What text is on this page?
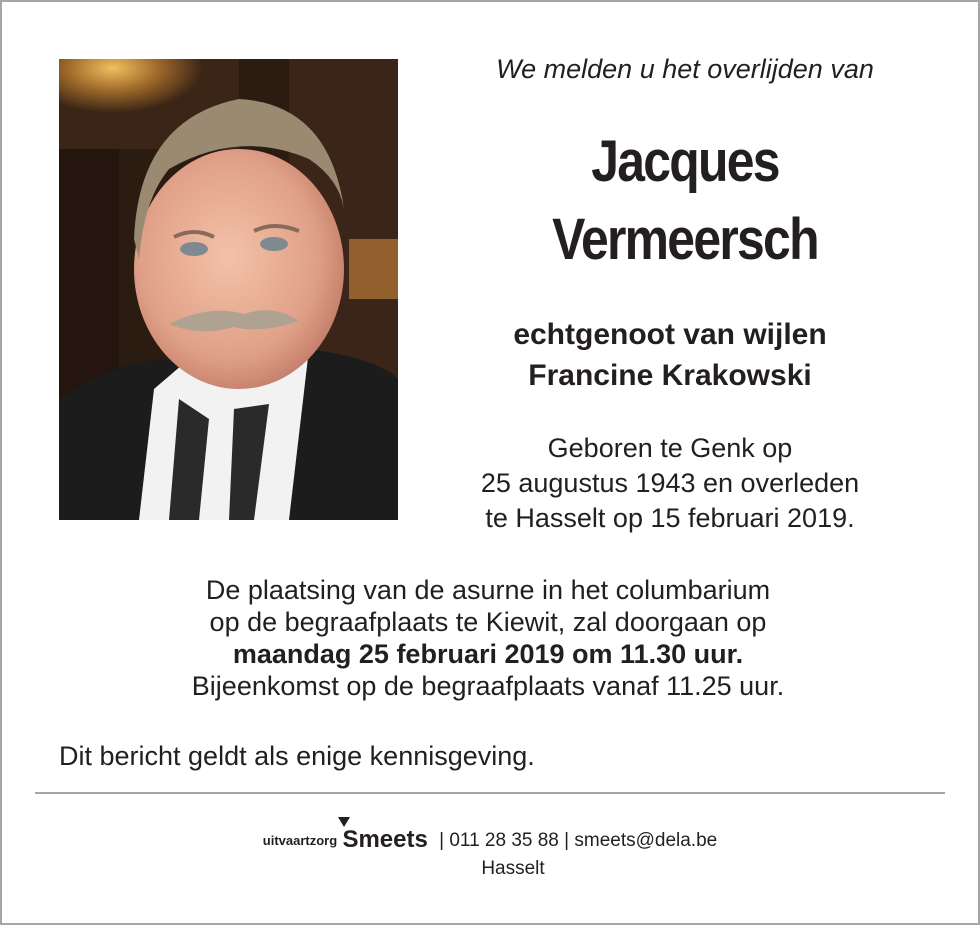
We melden u het overlijden van
Jacques
Vermeersch
echtgenoot van wijlen
Francine Krakowski
Geboren te Genk op
25 augustus 1943 en overleden
te Hasselt op 15 februari 2019.
De plaatsing van de asurne in het columbarium
op de begraafplaats te Kiewit, zal doorgaan op
maandag 25 februari 2019 om 11.30 uur.
Bijeenkomst op de begraafplaats vanaf 11.25 uur.
Dit bericht geldt als enige kennisgeving.
uitvaartzorg Smeets | 011 28 35 88 | smeets@dela.be
Hasselt
